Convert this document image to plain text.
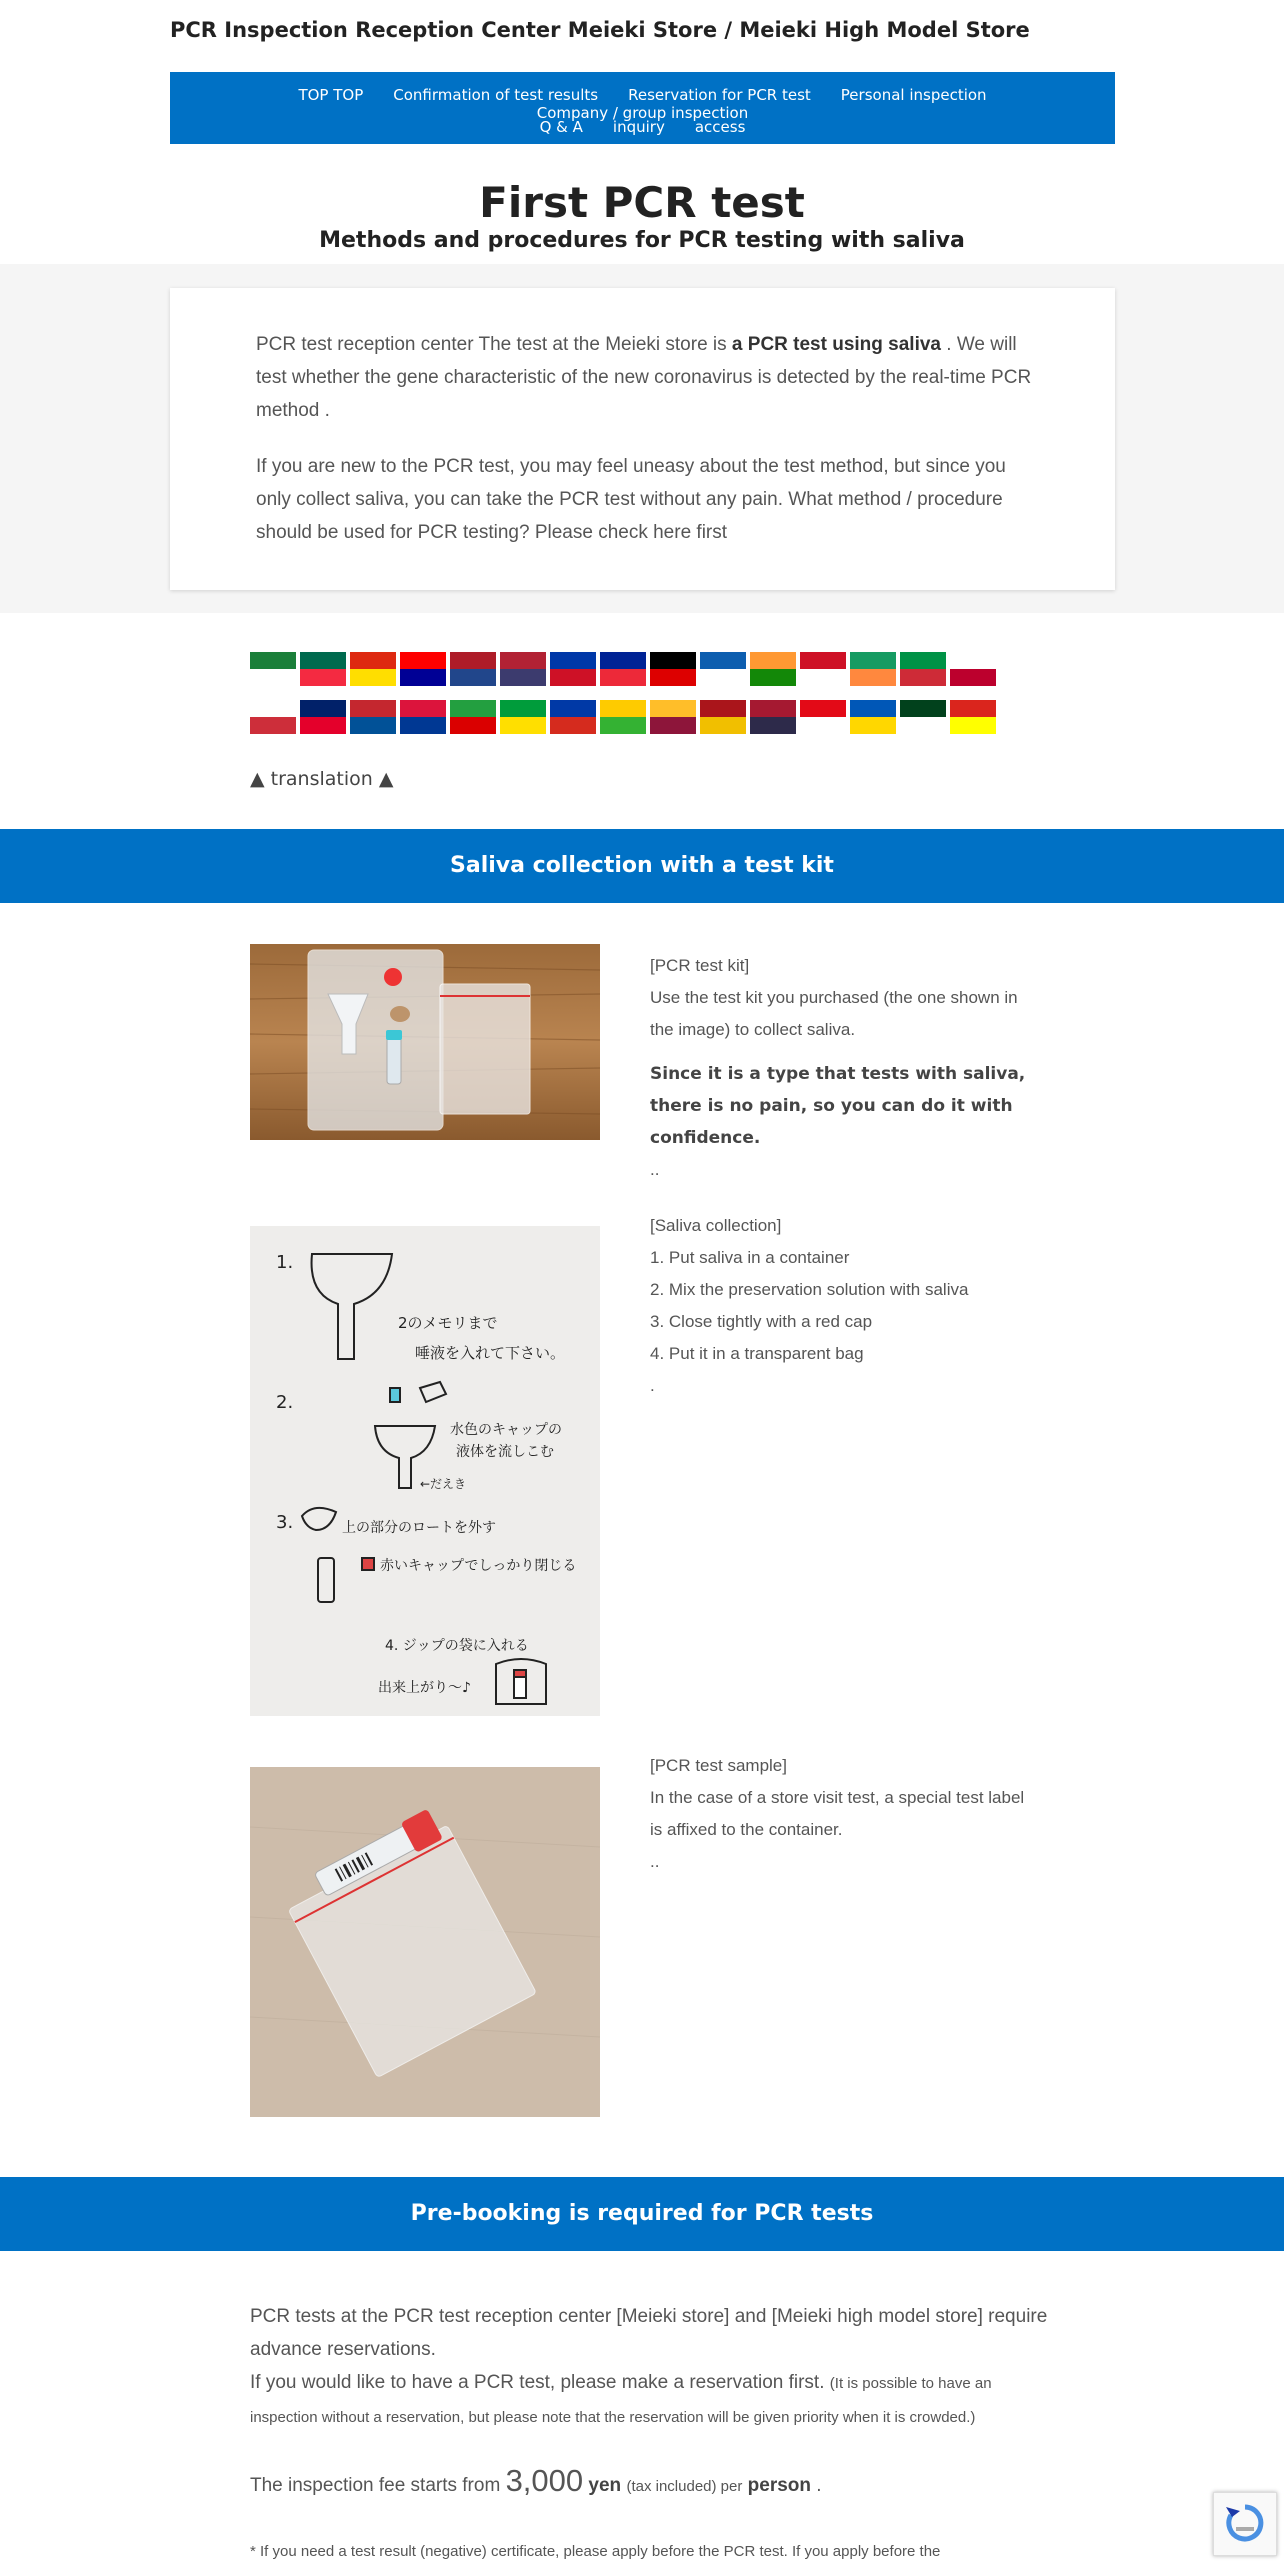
PCR Inspection Reception Center Meieki Store / Meieki High Model Store
TOP TOP Confirmation of test results Reservation for PCR test Personal inspectionCompany / group inspection
Q & A inquiry access
First PCR test
Methods and procedures for PCR testing with saliva

PCR test reception center The test at the Meieki store is a PCR test using saliva . We will test whether the gene characteristic of the new coronavirus is detected by the real-time PCR method .

If you are new to the PCR test, you may feel uneasy about the test method, but since you only collect saliva, you can take the PCR test without any pain. What method / procedure should be used for PCR testing? Please check here first

▲ translation ▲
Saliva collection with a test kit
[PCR test kit]
Use the test kit you purchased (the one shown in the image) to collect saliva.
Since it is a type that tests with saliva, there is no pain, so you can do it with confidence.
..
1.
2のメモリまで
唾液を入れて下さい。
2.
水色のキャップの
液体を流しこむ
←だえき
3.	上の部分のロートを外す
赤いキャップでしっかり閉じる
4. ジップの袋に入れる
出来上がり～♪
[Saliva collection]
1. Put saliva in a container
2. Mix the preservation solution with saliva
3. Close tightly with a red cap
4. Put it in a transparent bag
.
[PCR test sample]
In the case of a store visit test, a special test label is affixed to the container.
..
Pre-booking is required for PCR tests
PCR tests at the PCR test reception center [Meieki store] and [Meieki high model store] require advance reservations.
If you would like to have a PCR test, please make a reservation first. (It is possible to have an inspection without a reservation, but please note that the reservation will be given priority when it is crowded.)
The inspection fee starts from 3,000 yen (tax included) per person .
* If you need a test result (negative) certificate, please apply before the PCR test. If you apply before the
